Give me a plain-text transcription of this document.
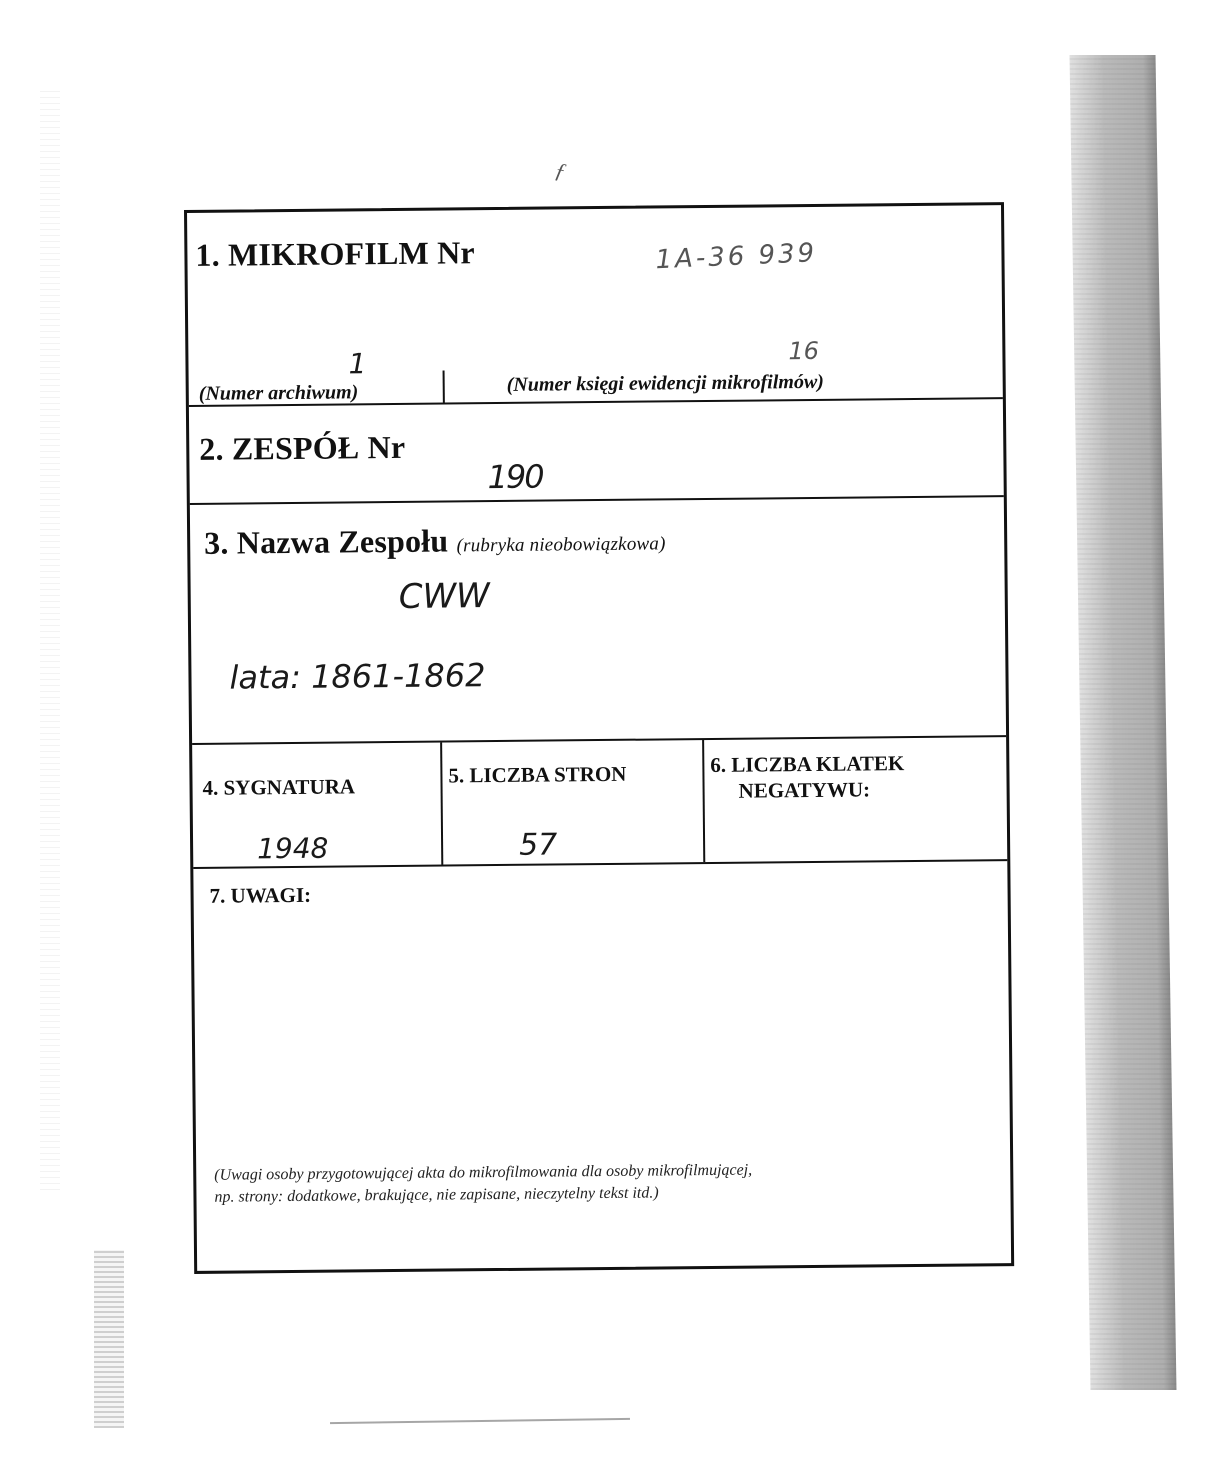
ƒ
1. MIKROFILM Nr	1A-36 939
1
(Numer archiwum)
16
(Numer księgi ewidencji mikrofilmów)
2. ZESPÓŁ Nr
190
3. Nazwa Zespołu (rubryka nieobowiązkowa)
CWW
lata: 1861-1862
4. SYGNATURA
1948
5. LICZBA STRON
57
6. LICZBA KLATEK
NEGATYWU:
7. UWAGI:
(Uwagi osoby przygotowującej akta do mikrofilmowania dla osoby mikrofilmującej,
np. strony: dodatkowe, brakujące, nie zapisane, nieczytelny tekst itd.)
